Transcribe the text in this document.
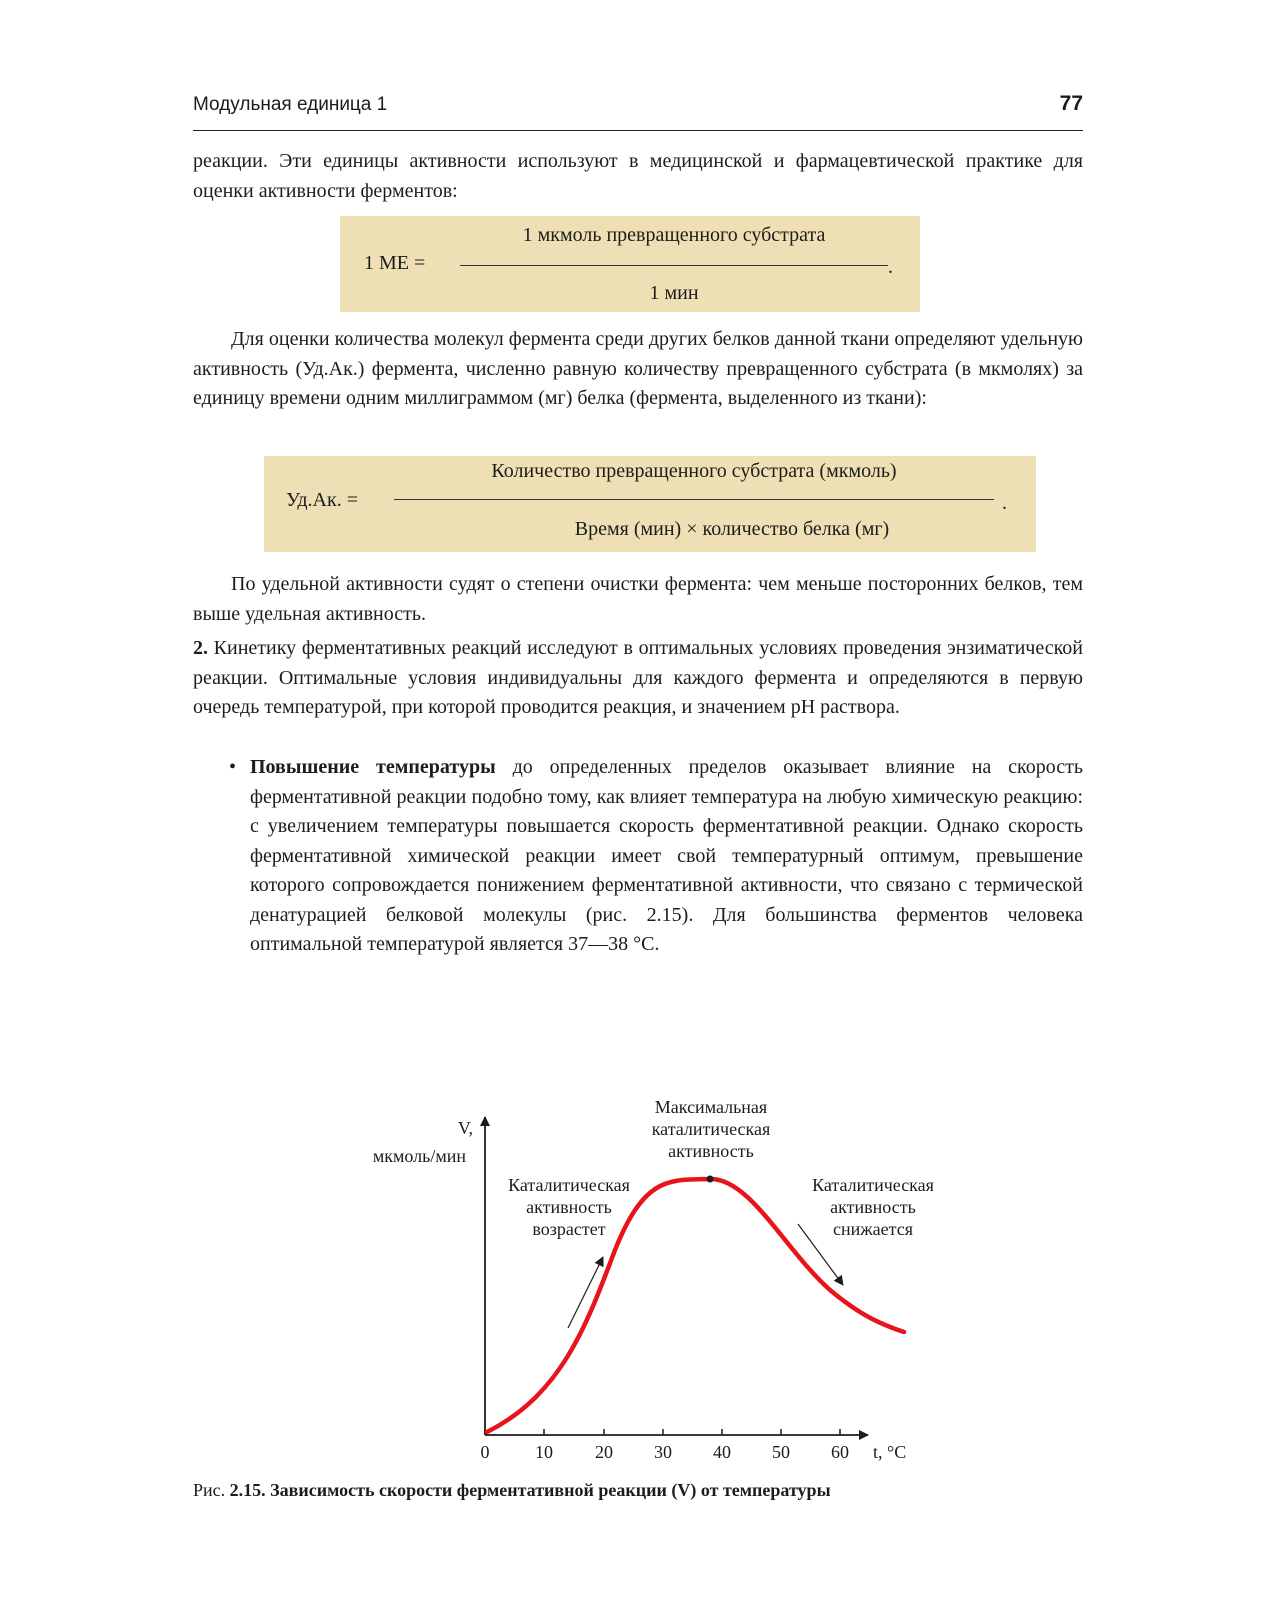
Модульная единица 1	77

реакции. Эти единицы активности используют в медицинской и фармацевтической практике для оценки активности ферментов:

1 МЕ =
1 мкмоль превращенного субстрата
1 мин
.

Для оценки количества молекул фермента среди других белков данной ткани определяют удельную активность (Уд.Ак.) фермента, численно равную количеству превращенного субстрата (в мкмолях) за единицу времени одним миллиграммом (мг) белка (фермента, выделенного из ткани):

Уд.Ак. =
Количество превращенного субстрата (мкмоль)
Время (мин) × количество белка (мг)
.

По удельной активности судят о степени очистки фермента: чем меньше посторонних белков, тем выше удельная активность.

2. Кинетику ферментативных реакций исследуют в оптимальных условиях проведения энзиматической реакции. Оптимальные условия индивидуальны для каждого фермента и определяются в первую очередь температурой, при которой проводится реакция, и значением pH раствора.

• Повышение температуры до определенных пределов оказывает влияние на скорость ферментативной реакции подобно тому, как влияет температура на любую химическую реакцию: с увеличением температуры повышается скорость ферментативной реакции. Однако скорость ферментативной химической реакции имеет свой температурный оптимум, превышение которого сопровождается понижением ферментативной активности, что связано с термической денатурацией белковой молекулы (рис. 2.15). Для большинства ферментов человека оптимальной температурой является 37—38 °С.
0	10 20 30 40 50 60 t, °C
V,
мкмоль/мин
Максимальная
каталитическая
активность
Каталитическая
активность
возрастет
Каталитическая
активность
снижается
Рис. 2.15. Зависимость скорости ферментативной реакции (V) от температуры
